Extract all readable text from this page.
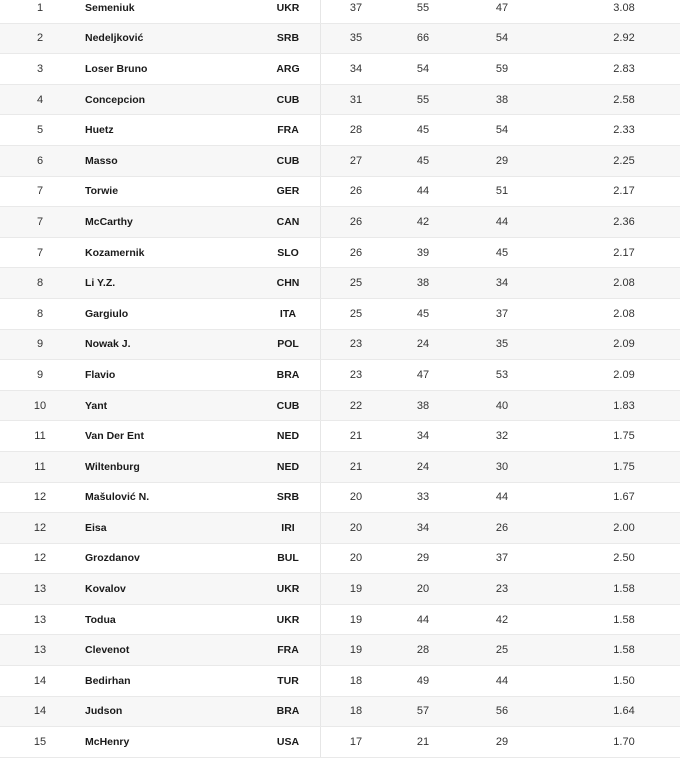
1	Semeniuk	UKR	37	55	47	3.08
2	Nedeljković	SRB	35	66	54	2.92
3	Loser Bruno	ARG	34	54	59	2.83
4	Concepcion	CUB	31	55	38	2.58
5	Huetz	FRA	28	45	54	2.33
6	Masso	CUB	27	45	29	2.25
7	Torwie	GER	26	44	51	2.17
7	McCarthy	CAN	26	42	44	2.36
7	Kozamernik	SLO	26	39	45	2.17
8	Li Y.Z.	CHN	25	38	34	2.08
8	Gargiulo	ITA	25	45	37	2.08
9	Nowak J.	POL	23	24	35	2.09
9	Flavio	BRA	23	47	53	2.09
10	Yant	CUB	22	38	40	1.83
11	Van Der Ent	NED	21	34	32	1.75
11	Wiltenburg	NED	21	24	30	1.75
12	Mašulović N.	SRB	20	33	44	1.67
12	Eisa	IRI	20	34	26	2.00
12	Grozdanov	BUL	20	29	37	2.50
13	Kovalov	UKR	19	20	23	1.58
13	Todua	UKR	19	44	42	1.58
13	Clevenot	FRA	19	28	25	1.58
14	Bedirhan	TUR	18	49	44	1.50
14	Judson	BRA	18	57	56	1.64
15	McHenry	USA	17	21	29	1.70
